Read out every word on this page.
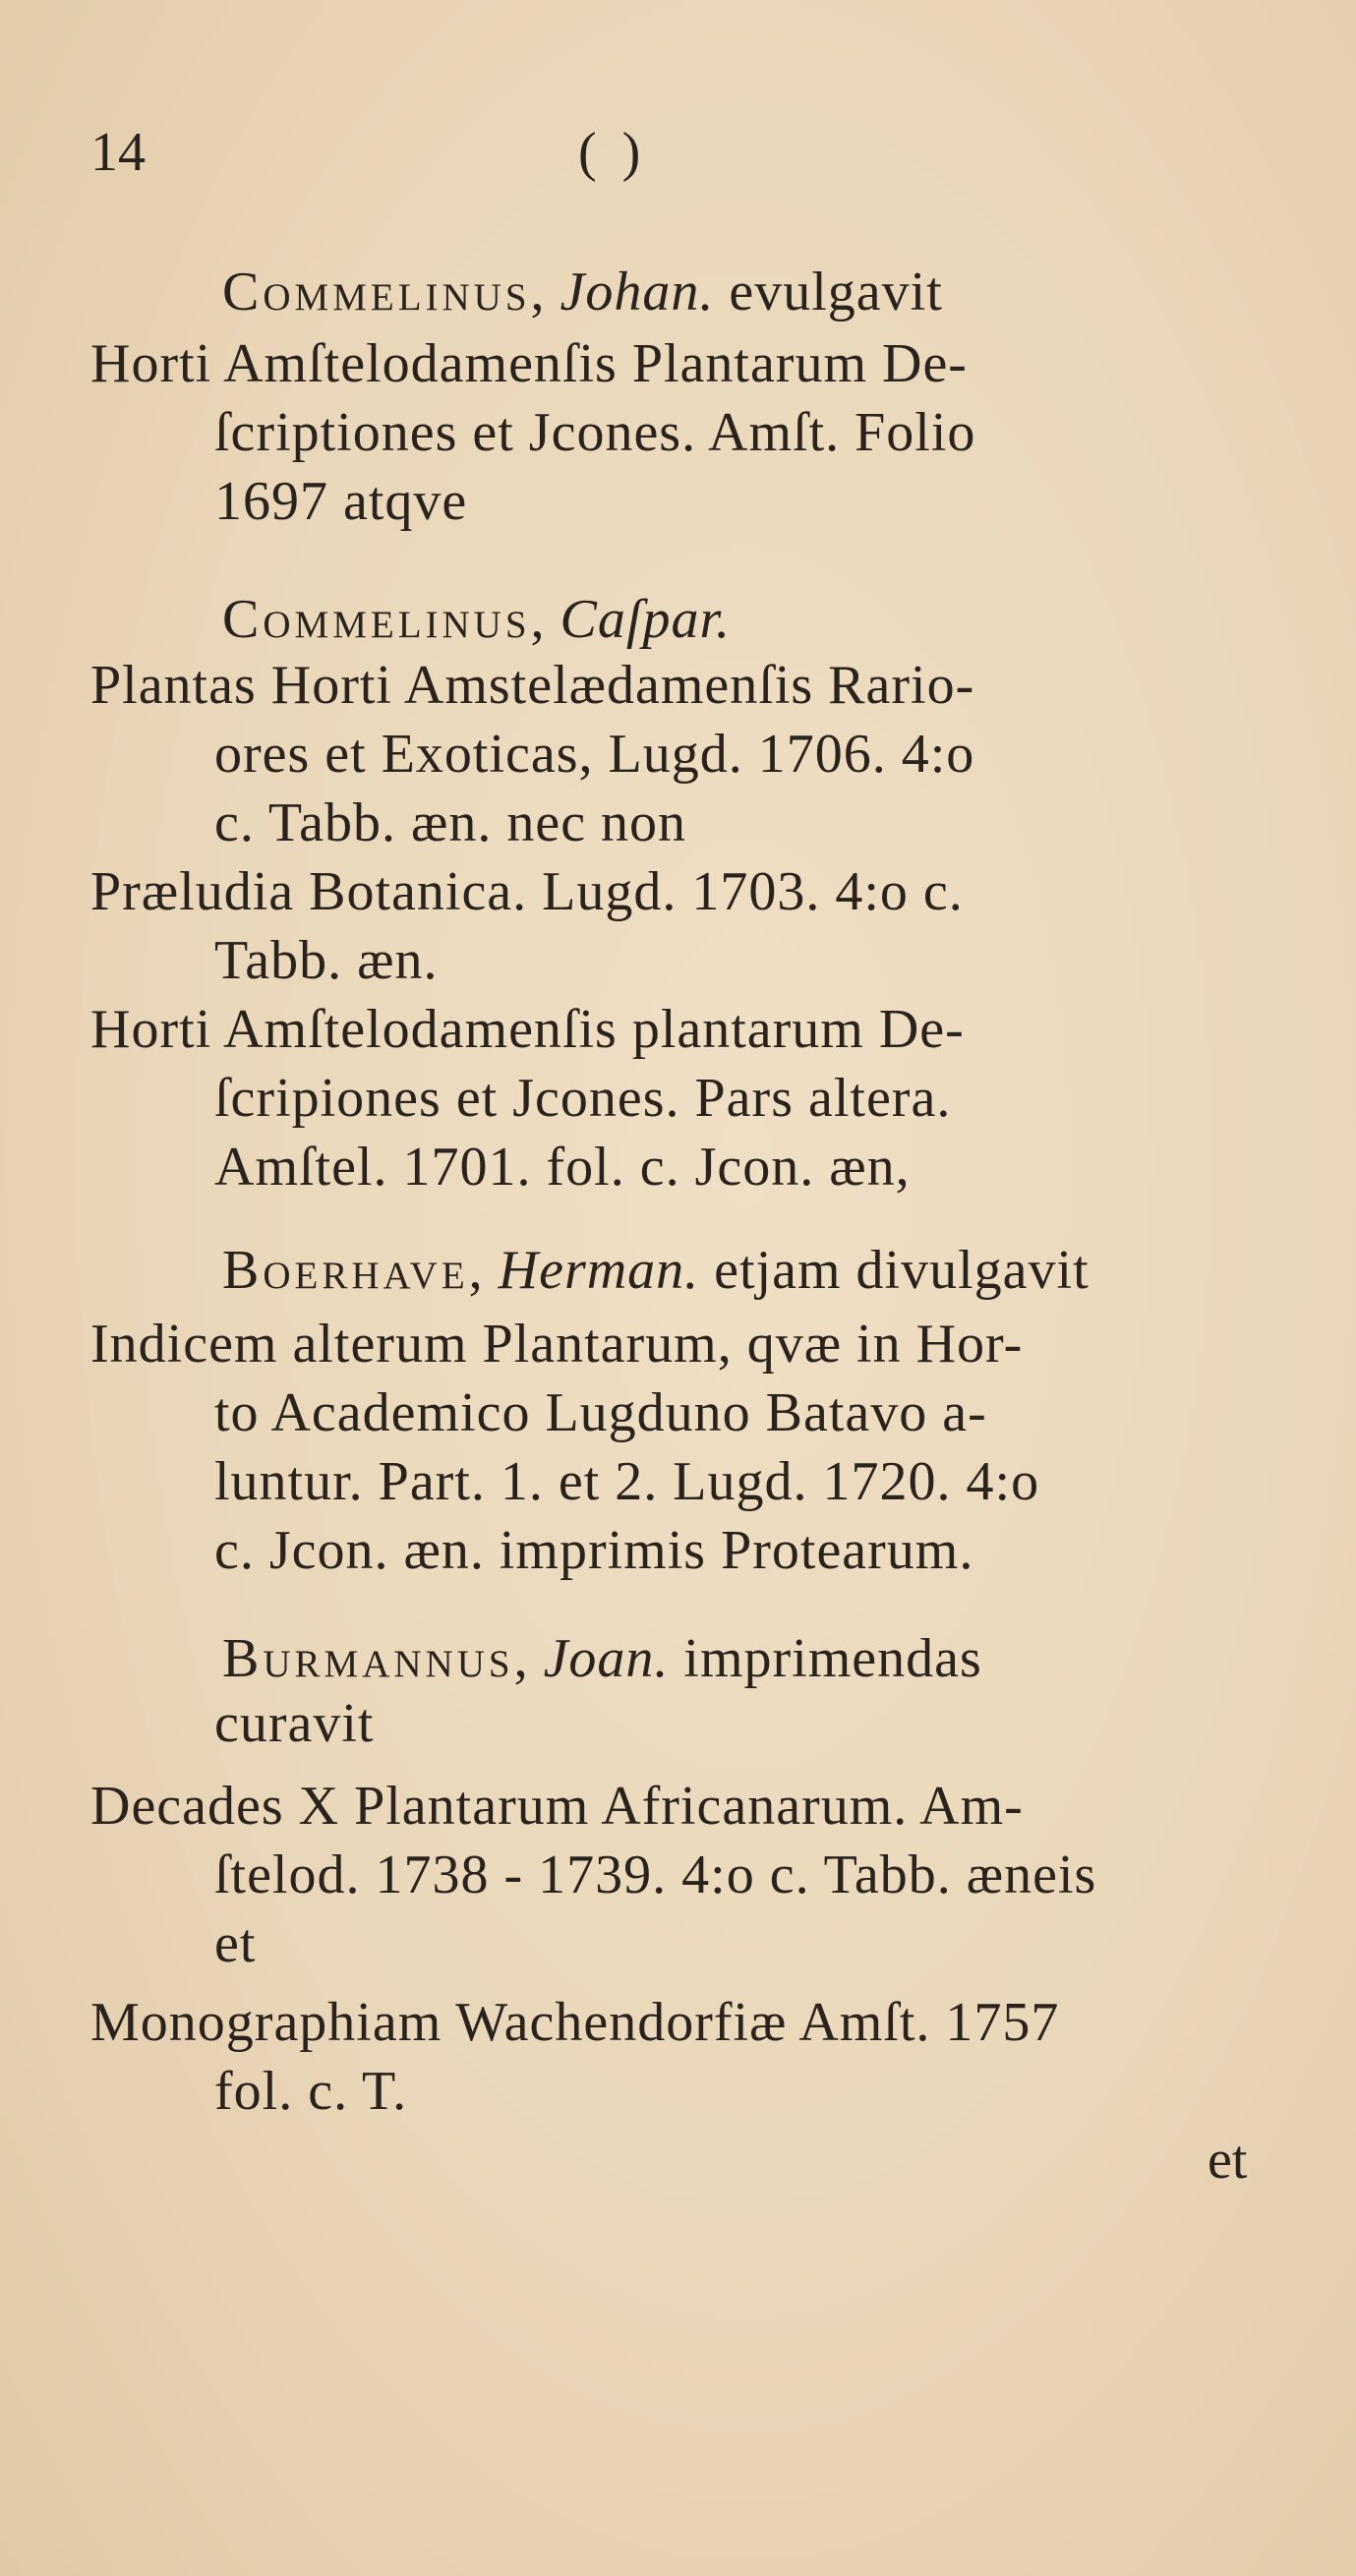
14	( )
Commelinus, Johan. evulgavit
Horti Amſtelodamenſis Plantarum De-
ſcriptiones et Jcones. Amſt. Folio
1697 atqve
Commelinus, Caſpar.
Plantas Horti Amstelædamenſis Rario-
ores et Exoticas, Lugd. 1706. 4:o
c. Tabb. æn. nec non
Præludia Botanica. Lugd. 1703. 4:o c.
Tabb. æn.
Horti Amſtelodamenſis plantarum De-
ſcripiones et Jcones. Pars altera.
Amſtel. 1701. fol. c. Jcon. æn,
Boerhave, Herman. etjam divulgavit
Indicem alterum Plantarum, qvæ in Hor-
to Academico Lugduno Batavo a-
luntur. Part. 1. et 2. Lugd. 1720. 4:o
c. Jcon. æn. imprimis Protearum.
Burmannus, Joan. imprimendas
curavit
Decades X Plantarum Africanarum. Am-
ſtelod. 1738 - 1739. 4:o c. Tabb. æneis
et
Monographiam Wachendorfiæ Amſt. 1757
fol. c. T.
et
